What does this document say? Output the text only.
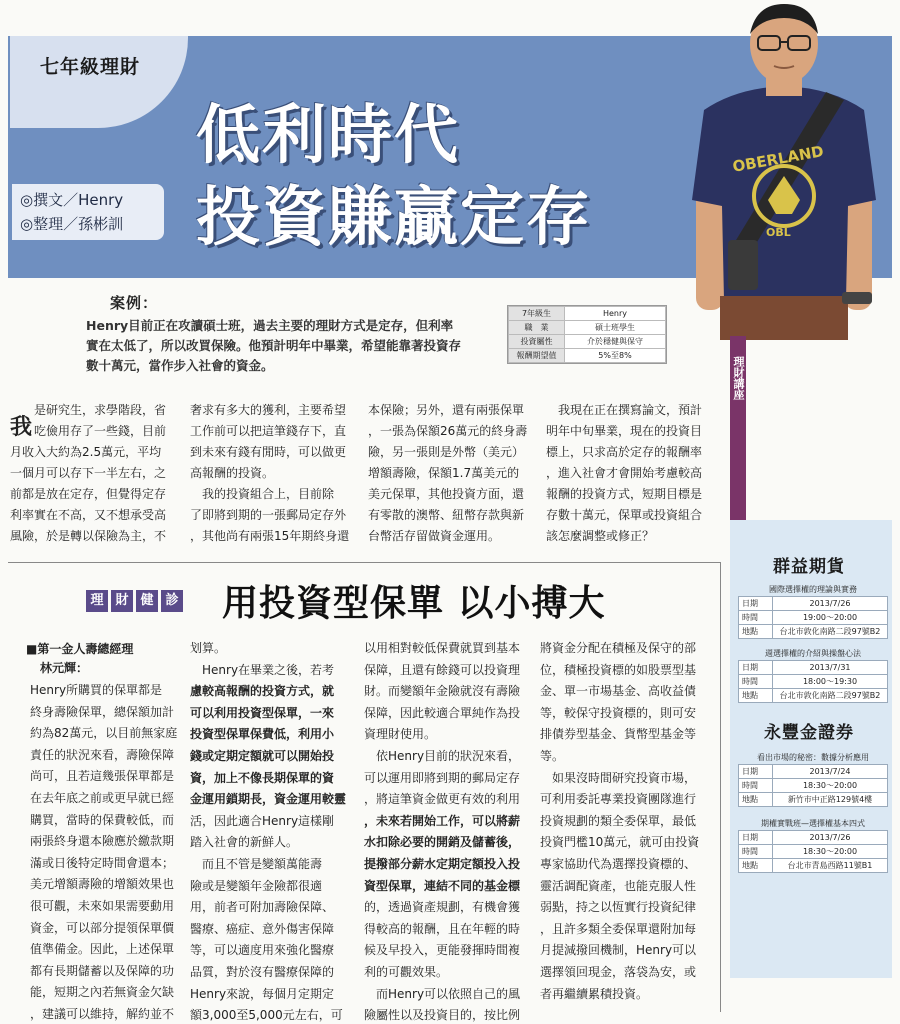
七年級理財
◎撰文／Henry
◎整理／孫彬訓
低利時代
投資賺贏定存
OBERLAND
OBL
理財講座
案例：
Henry目前正在攻讀碩士班，過去主要的理財方式是定存，但利率
實在太低了，所以改買保險。他預計明年中畢業，希望能靠著投資存
數十萬元，當作步入社會的資金。
7年級生	Henry
職　業	碩士班學生
投資屬性	介於穩健與保守
報酬期望值	5%至8%
我
是研究生，求學階段，省
吃儉用存了一些錢，目前
月收入大約為2.5萬元，平均
一個月可以存下一半左右，之
前都是放在定存，但覺得定存
利率實在不高，又不想承受高
風險，於是轉以保險為主，不
奢求有多大的獲利，主要希望
工作前可以把這筆錢存下，直
到未來有錢有閒時，可以做更
高報酬的投資。
　我的投資組合上，目前除
了即將到期的一張郵局定存外
，其他尚有兩張15年期終身還
本保險；另外，還有兩張保單
，一張為保額26萬元的終身壽
險，另一張則是外幣（美元）
增額壽險，保額1.7萬美元的
美元保單，其他投資方面，還
有零散的澳幣、紐幣存款與新
台幣活存留做資金運用。
　我現在正在撰寫論文，預計
明年中旬畢業，現在的投資目
標上，只求高於定存的報酬率
，進入社會才會開始考慮較高
報酬的投資方式，短期目標是
存數十萬元，保單或投資組合
該怎麼調整或修正？
理 財 健 診 用投資型保單 以小搏大
■第一金人壽總經理
林元輝：
Henry所購買的保單都是
終身壽險保單，總保額加計
約為82萬元，以目前無家庭
責任的狀況來看，壽險保障
尚可，且若這幾張保單都是
在去年底之前或更早就已經
購買，當時的保費較低，而
兩張終身還本險應於繳款期
滿或日後特定時間會還本；
美元增額壽險的增額效果也
很可觀，未來如果需要動用
資金，可以部分提領保單價
值準備金。因此，上述保單
都有長期儲蓄以及保障的功
能，短期之內若無資金欠缺
，建議可以維持，解約並不
划算。
　Henry在畢業之後，若考
慮較高報酬的投資方式，就
可以利用投資型保單，一來
投資型保單保費低，利用小
錢或定期定額就可以開始投
資，加上不像長期保單的資
金運用鎖期長，資金運用較靈
活，因此適合Henry這樣剛
踏入社會的新鮮人。
　而且不管是變額萬能壽
險或是變額年金險都很適
用，前者可附加壽險保障、
醫療、癌症、意外傷害保障
等，可以適度用來強化醫療
品質，對於沒有醫療保障的
Henry來說，每個月定期定
額3,000至5,000元左右，可
以用相對較低保費就買到基本
保障，且還有餘錢可以投資理
財。而變額年金險就沒有壽險
保障，因此較適合單純作為投
資理財使用。
　依Henry目前的狀況來看，
可以運用即將到期的郵局定存
，將這筆資金做更有效的利用
，未來若開始工作，可以將薪
水扣除必要的開銷及儲蓄後，
提撥部分薪水定期定額投入投
資型保單，連結不同的基金標
的，透過資產規劃，有機會獲
得較高的報酬，且在年輕的時
候及早投入，更能發揮時間複
利的可觀效果。
　而Henry可以依照自己的風
險屬性以及投資目的，按比例
將資金分配在積極及保守的部
位，積極投資標的如股票型基
金、單一市場基金、高收益債
等，較保守投資標的，則可安
排債券型基金、貨幣型基金等
等。
　如果沒時間研究投資市場，
可利用委託專業投資團隊進行
投資規劃的類全委保單，最低
投資門檻10萬元，就可由投資
專家協助代為選擇投資標的、
靈活調配資產，也能克服人性
弱點，持之以恆實行投資紀律
，且許多類全委保單還附加每
月提減撥回機制，Henry可以
選擇領回現金，落袋為安，或
者再繼續累積投資。
群益期貨
國際選擇權的理論與實務
日期	2013/7/26
時間	19:00～20:00
地點	台北市敦化南路二段97號B2
週選擇權的介紹與操盤心法
日期	2013/7/31
時間	18:00～19:30
地點	台北市敦化南路二段97號B2
永豐金證券
看出市場的秘密：數據分析應用
日期	2013/7/24
時間	18:30～20:00
地點	新竹市中正路129號4樓
期權實戰班—選擇權基本四式
日期	2013/7/26
時間	18:30～20:00
地點	台北市青島西路11號B1
